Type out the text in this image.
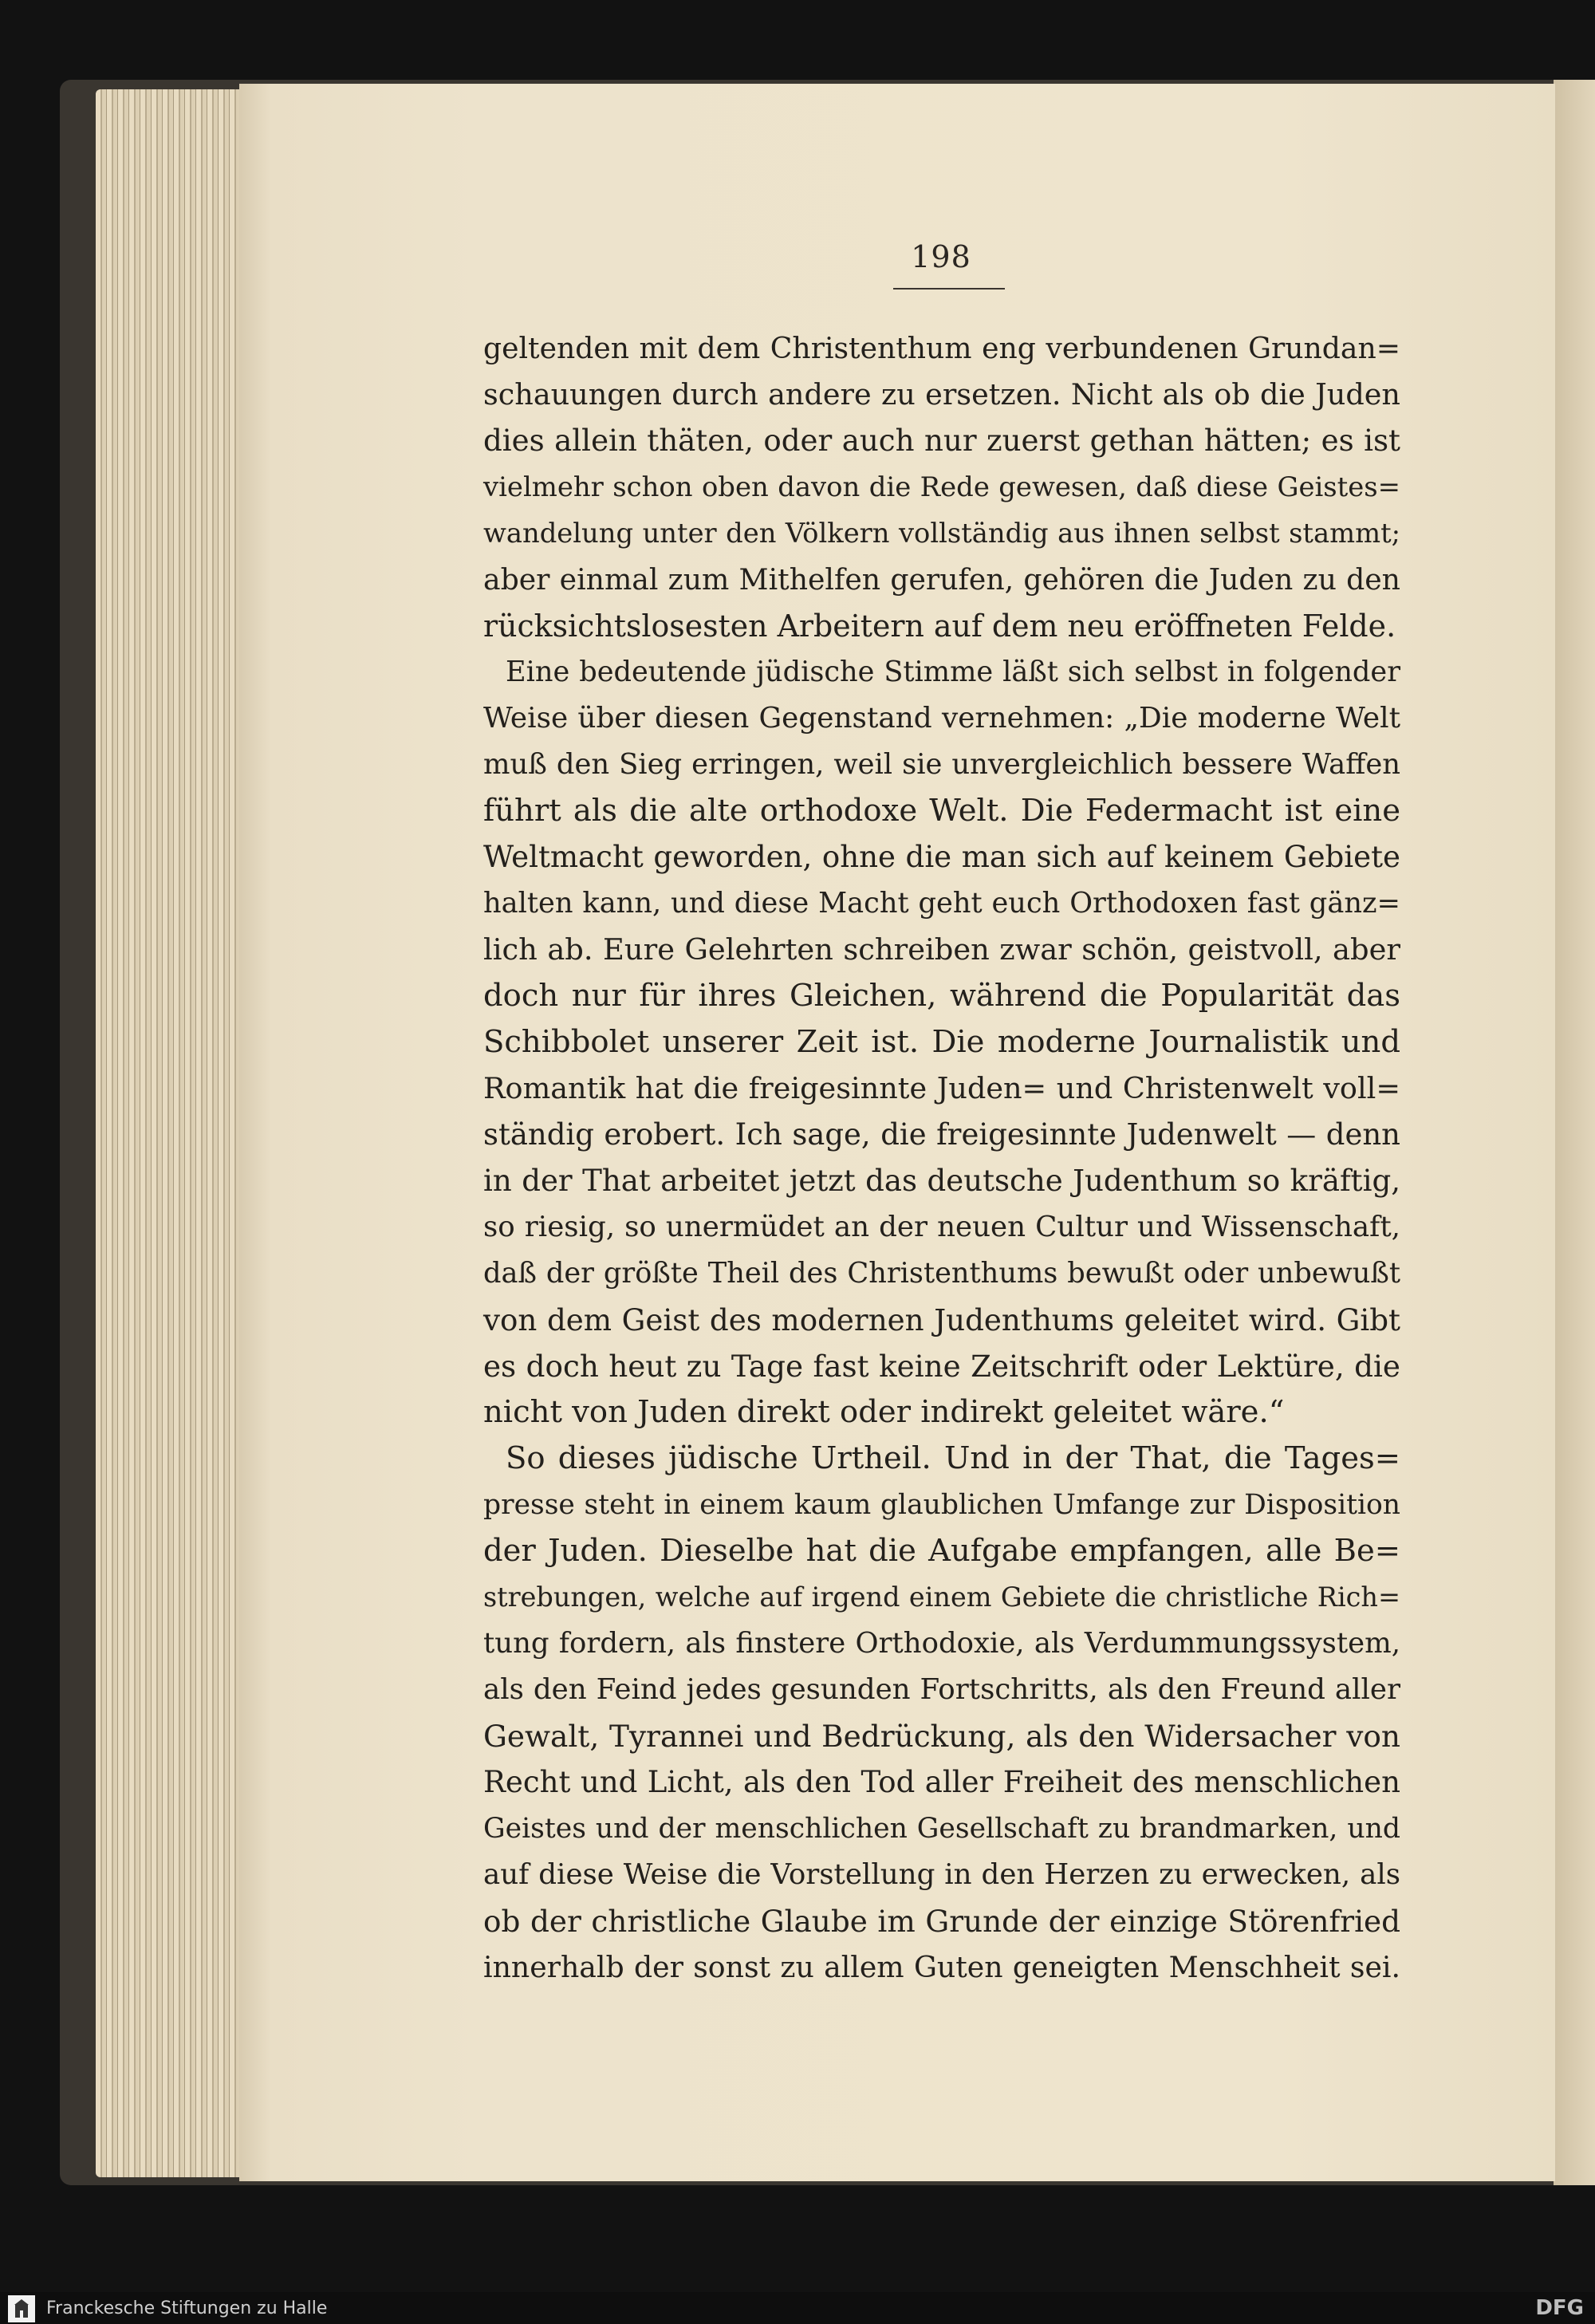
198
geltenden mit dem Christenthum eng verbundenen Grundan=
schauungen durch andere zu ersetzen. Nicht als ob die Juden
dies allein thäten, oder auch nur zuerst gethan hätten; es ist
vielmehr schon oben davon die Rede gewesen, daß diese Geistes=
wandelung unter den Völkern vollständig aus ihnen selbst stammt;
aber einmal zum Mithelfen gerufen, gehören die Juden zu den
rücksichtslosesten Arbeitern auf dem neu eröffneten Felde.
Eine bedeutende jüdische Stimme läßt sich selbst in folgender
Weise über diesen Gegenstand vernehmen: „Die moderne Welt
muß den Sieg erringen, weil sie unvergleichlich bessere Waffen
führt als die alte orthodoxe Welt. Die Federmacht ist eine
Weltmacht geworden, ohne die man sich auf keinem Gebiete
halten kann, und diese Macht geht euch Orthodoxen fast gänz=
lich ab. Eure Gelehrten schreiben zwar schön, geistvoll, aber
doch nur für ihres Gleichen, während die Popularität das
Schibbolet unserer Zeit ist. Die moderne Journalistik und
Romantik hat die freigesinnte Juden= und Christenwelt voll=
ständig erobert. Ich sage, die freigesinnte Judenwelt — denn
in der That arbeitet jetzt das deutsche Judenthum so kräftig,
so riesig, so unermüdet an der neuen Cultur und Wissenschaft,
daß der größte Theil des Christenthums bewußt oder unbewußt
von dem Geist des modernen Judenthums geleitet wird. Gibt
es doch heut zu Tage fast keine Zeitschrift oder Lektüre, die
nicht von Juden direkt oder indirekt geleitet wäre.“
So dieses jüdische Urtheil. Und in der That, die Tages=
presse steht in einem kaum glaublichen Umfange zur Disposition
der Juden. Dieselbe hat die Aufgabe empfangen, alle Be=
strebungen, welche auf irgend einem Gebiete die christliche Rich=
tung fordern, als finstere Orthodoxie, als Verdummungssystem,
als den Feind jedes gesunden Fortschritts, als den Freund aller
Gewalt, Tyrannei und Bedrückung, als den Widersacher von
Recht und Licht, als den Tod aller Freiheit des menschlichen
Geistes und der menschlichen Gesellschaft zu brandmarken, und
auf diese Weise die Vorstellung in den Herzen zu erwecken, als
ob der christliche Glaube im Grunde der einzige Störenfried
innerhalb der sonst zu allem Guten geneigten Menschheit sei.
Franckesche Stiftungen zu Halle	DFG
